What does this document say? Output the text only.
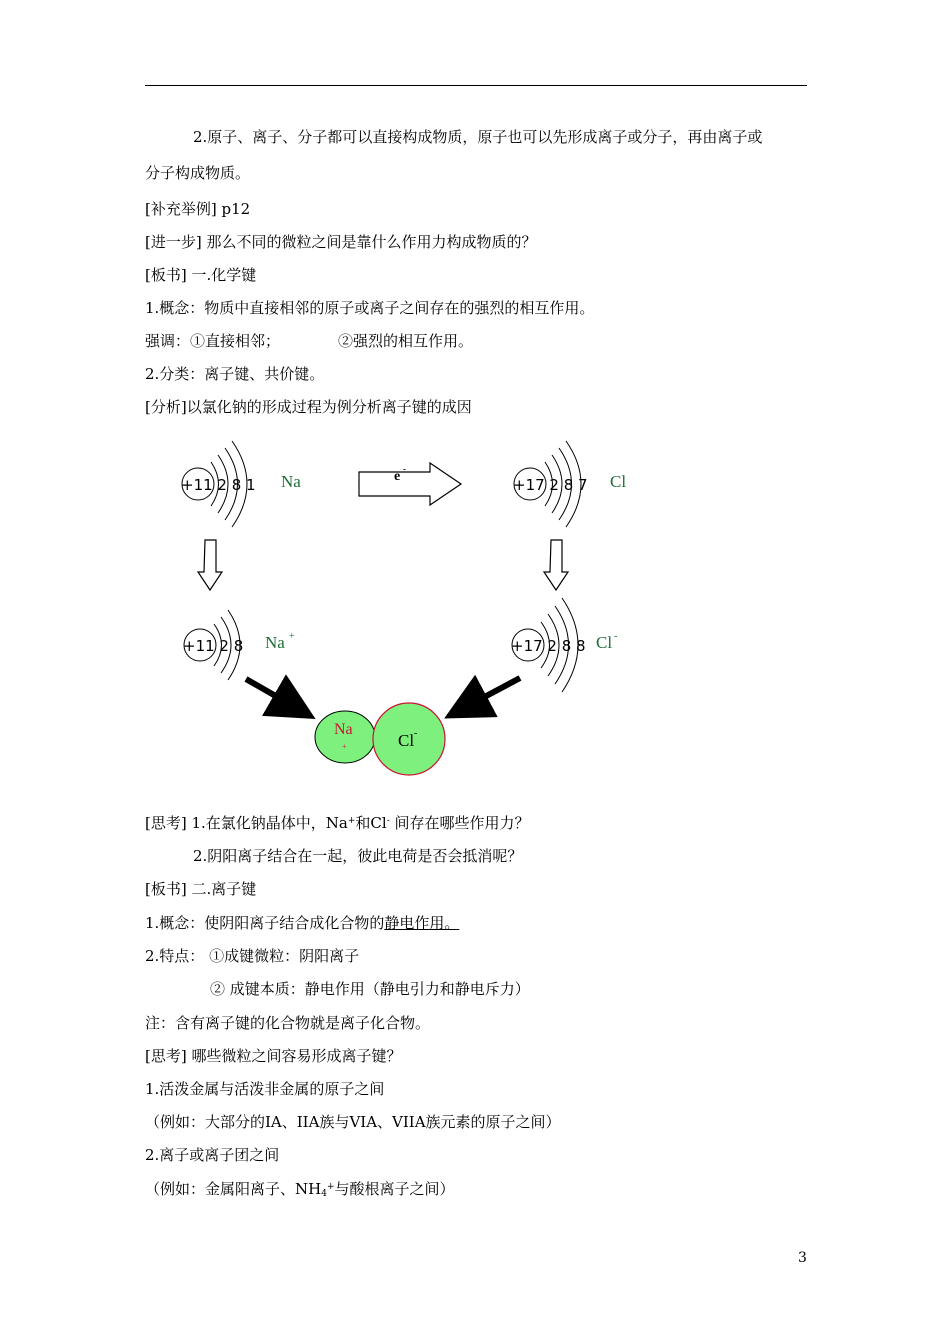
2.原子、离子、分子都可以直接构成物质，原子也可以先形成离子或分子，再由离子或
分子构成物质。
[补充举例] p12
[进一步] 那么不同的微粒之间是靠什么作用力构成物质的？
[板书] 一.化学键
1.概念：物质中直接相邻的原子或离子之间存在的强烈的相互作用。
强调：①直接相邻；	②强烈的相互作用。
2.分类：离子键、共价键。
[分析]以氯化钠的形成过程为例分析离子键的成因
+11 2 8 1 Na	e -
+17 2 8 7 Cl
+11 2 8 Na +
+17 2 8 8 Cl -
Na
+	Cl -
[思考] 1.在氯化钠晶体中，Na+和Cl- 间存在哪些作用力？
2.阴阳离子结合在一起，彼此电荷是否会抵消呢？
[板书] 二.离子键
1.概念：使阴阳离子结合成化合物的静电作用。
2.特点： ①成键微粒：阴阳离子
② 成键本质：静电作用（静电引力和静电斥力）
注：含有离子键的化合物就是离子化合物。
[思考] 哪些微粒之间容易形成离子键？
1.活泼金属与活泼非金属的原子之间
（例如：大部分的IA、IIA族与VIA、VIIA族元素的原子之间）
2.离子或离子团之间
（例如：金属阳离子、$NH_4^+$与酸根离子之间）
3
